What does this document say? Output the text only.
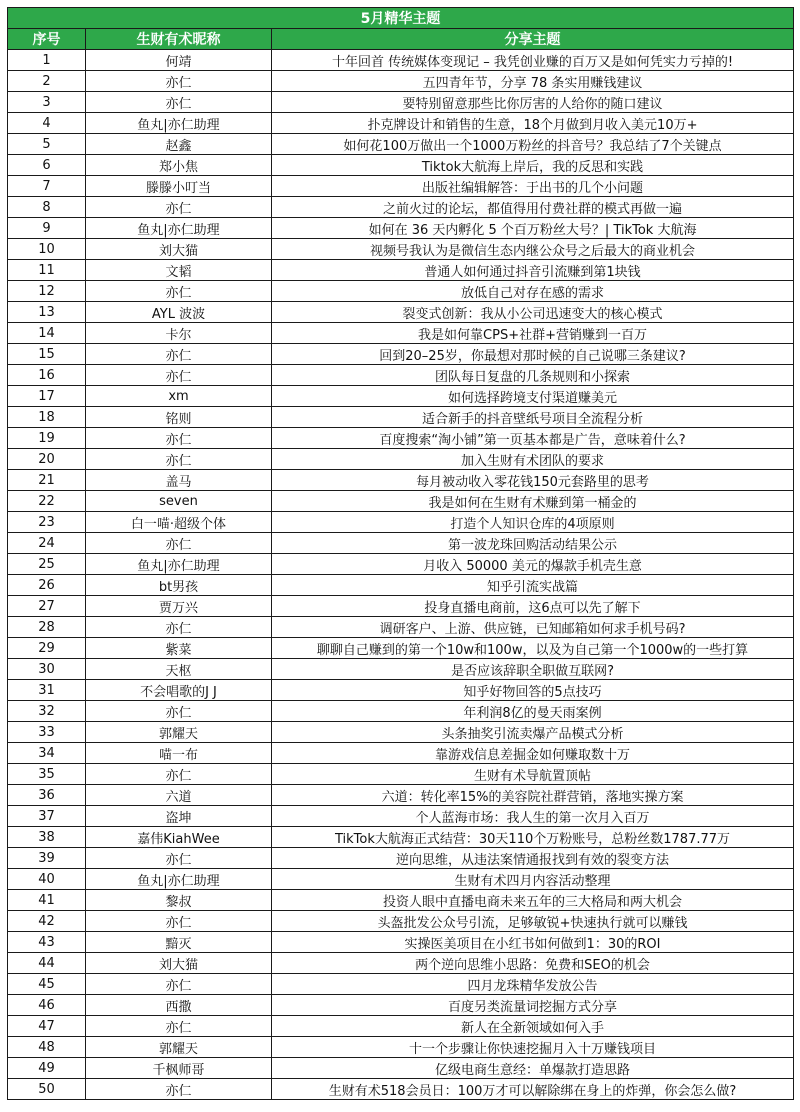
5月精华主题		
序号	生财有术昵称	分享主题
1	何靖	十年回首 传统媒体变现记 – 我凭创业赚的百万又是如何凭实力亏掉的!
2	亦仁	五四青年节，分享 78 条实用赚钱建议
3	亦仁	要特别留意那些比你厉害的人给你的随口建议
4	鱼丸|亦仁助理	扑克牌设计和销售的生意，18个月做到月收入美元10万+
5	赵鑫	如何花100万做出一个1000万粉丝的抖音号？我总结了7个关键点
6	郑小焦	Tiktok大航海上岸后，我的反思和实践
7	滕滕小叮当	出版社编辑解答：于出书的几个小问题
8	亦仁	之前火过的论坛，都值得用付费社群的模式再做一遍
9	鱼丸|亦仁助理	如何在 36 天内孵化 5 个百万粉丝大号？| TikTok 大航海
10	刘大猫	视频号我认为是微信生态内继公众号之后最大的商业机会
11	文韬	普通人如何通过抖音引流赚到第1块钱
12	亦仁	放低自己对存在感的需求
13	AYL 波波	裂变式创新：我从小公司迅速变大的核心模式
14	卡尔	我是如何靠CPS+社群+营销赚到一百万
15	亦仁	回到20–25岁，你最想对那时候的自己说哪三条建议?
16	亦仁	团队每日复盘的几条规则和小探索
17	xm	如何选择跨境支付渠道赚美元
18	铭则	适合新手的抖音壁纸号项目全流程分析
19	亦仁	百度搜索“淘小铺”第一页基本都是广告，意味着什么?
20	亦仁	加入生财有术团队的要求
21	盖马	每月被动收入零花钱150元套路里的思考
22	seven	我是如何在生财有术赚到第一桶金的
23	白一喵·超级个体	打造个人知识仓库的4项原则
24	亦仁	第一波龙珠回购活动结果公示
25	鱼丸|亦仁助理	月收入 50000 美元的爆款手机壳生意
26	bt男孩	知乎引流实战篇
27	贾万兴	投身直播电商前，这6点可以先了解下
28	亦仁	调研客户、上游、供应链，已知邮箱如何求手机号码?
29	紫菜	聊聊自己赚到的第一个10w和100w，以及为自己第一个1000w的一些打算
30	天枢	是否应该辞职全职做互联网?
31	不会唱歌的J J	知乎好物回答的5点技巧
32	亦仁	年利润8亿的曼天雨案例
33	郭耀天	头条抽奖引流卖爆产品模式分析
34	喵一布	靠游戏信息差掘金如何赚取数十万
35	亦仁	生财有术导航置顶帖
36	六道	六道：转化率15%的美容院社群营销，落地实操方案
37	盗坤	个人蓝海市场：我人生的第一次月入百万
38	嘉伟KiahWee	TikTok大航海正式结营：30天110个万粉账号，总粉丝数1787.77万
39	亦仁	逆向思维，从违法案情通报找到有效的裂变方法
40	鱼丸|亦仁助理	生财有术四月内容活动整理
41	黎叔	投资人眼中直播电商未来五年的三大格局和两大机会
42	亦仁	头盔批发公众号引流，足够敏锐+快速执行就可以赚钱
43	黯灭	实操医美项目在小红书如何做到1：30的ROI
44	刘大猫	两个逆向思维小思路：免费和SEO的机会
45	亦仁	四月龙珠精华发放公告
46	西撒	百度另类流量词挖掘方式分享
47	亦仁	新人在全新领域如何入手
48	郭耀天	十一个步骤让你快速挖掘月入十万赚钱项目
49	千枫师哥	亿级电商生意经：单爆款打造思路
50	亦仁	生财有术518会员日：100万才可以解除绑在身上的炸弹，你会怎么做?
